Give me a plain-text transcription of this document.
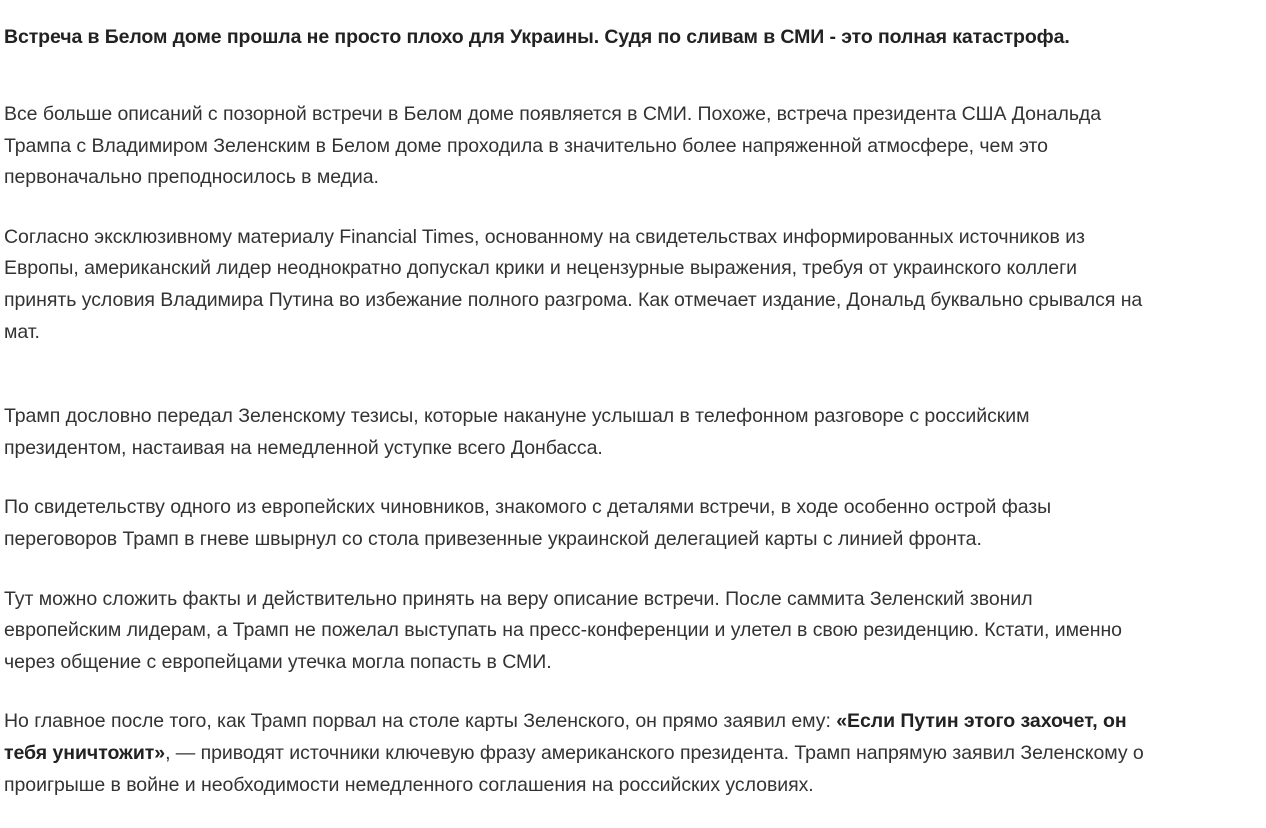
Встреча в Белом доме прошла не просто плохо для Украины. Судя по сливам в СМИ - это полная катастрофа.

Все больше описаний с позорной встречи в Белом доме появляется в СМИ. Похоже, встреча президента США Дональда
Трампа с Владимиром Зеленским в Белом доме проходила в значительно более напряженной атмосфере, чем это
первоначально преподносилось в медиа.

Согласно эксклюзивному материалу Financial Times, основанному на свидетельствах информированных источников из
Европы, американский лидер неоднократно допускал крики и нецензурные выражения, требуя от украинского коллеги
принять условия Владимира Путина во избежание полного разгрома. Как отмечает издание, Дональд буквально срывался на
мат.

Трамп дословно передал Зеленскому тезисы, которые накануне услышал в телефонном разговоре с российским
президентом, настаивая на немедленной уступке всего Донбасса.

По свидетельству одного из европейских чиновников, знакомого с деталями встречи, в ходе особенно острой фазы
переговоров Трамп в гневе швырнул со стола привезенные украинской делегацией карты с линией фронта.

Тут можно сложить факты и действительно принять на веру описание встречи. После саммита Зеленский звонил
европейским лидерам, а Трамп не пожелал выступать на пресс-конференции и улетел в свою резиденцию. Кстати, именно
через общение с европейцами утечка могла попасть в СМИ.

Но главное после того, как Трамп порвал на столе карты Зеленского, он прямо заявил ему: «Если Путин этого захочет, он
тебя уничтожит», — приводят источники ключевую фразу американского президента. Трамп напрямую заявил Зеленскому о
проигрыше в войне и необходимости немедленного соглашения на российских условиях.
